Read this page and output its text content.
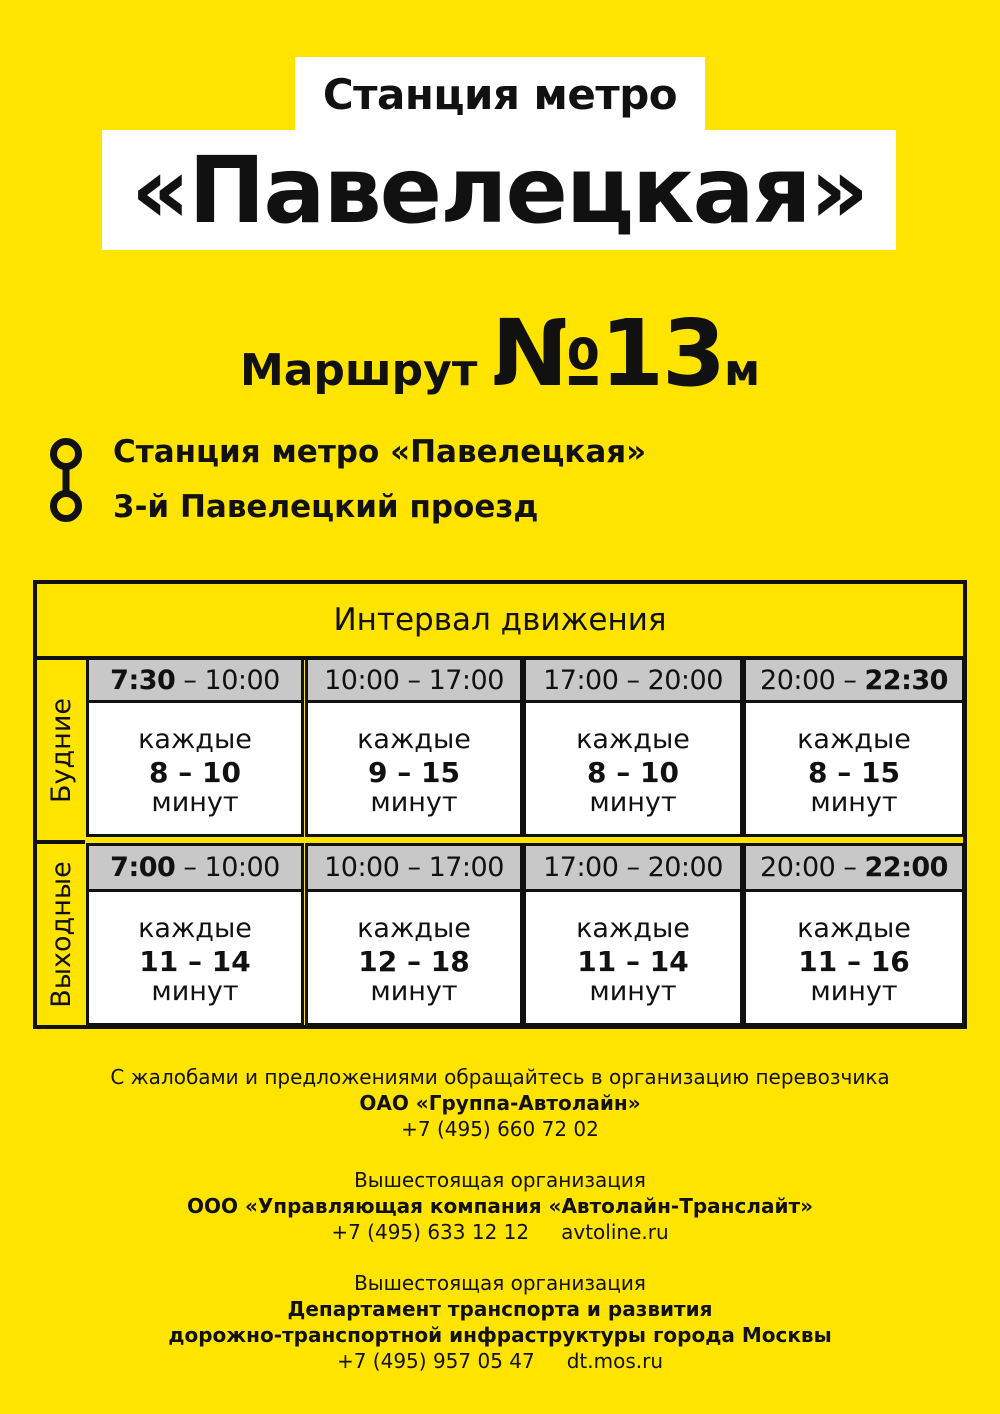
Станция метро
«Павелецкая»
Маршрут №13 м
Станция метро «Павелецкая»
3-й Павелецкий проезд
Интервал движения
Будние
Выходные
7:30 – 10:00
каждые
8 – 10
минут
10:00 – 17:00
каждые
9 – 15
минут
17:00 – 20:00
каждые
8 – 10
минут
20:00 – 22:30
каждые
8 – 15
минут
7:00 – 10:00
каждые
11 – 14
минут
10:00 – 17:00
каждые
12 – 18
минут
17:00 – 20:00
каждые
11 – 14
минут
20:00 – 22:00
каждые
11 – 16
минут
С жалобами и предложениями обращайтесь в организацию перевозчика
ОАО «Группа-Автолайн»
+7 (495) 660 72 02
Вышестоящая организация
ООО «Управляющая компания «Автолайн-Транслайт»
+7 (495) 633 12 12 avtoline.ru
Вышестоящая организация
Департамент транспорта и развития
дорожно-транспортной инфраструктуры города Москвы
+7 (495) 957 05 47 dt.mos.ru
